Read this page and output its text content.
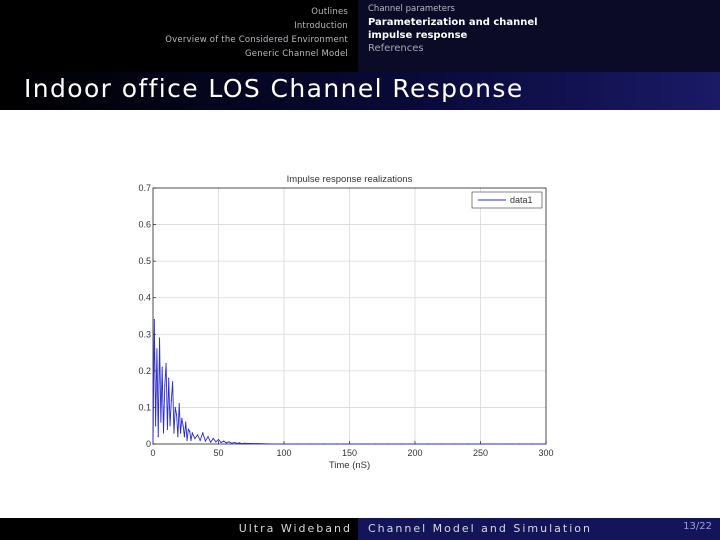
Outlines
Introduction
Overview of the Considered Environment
Generic Channel Model
Channel parameters
Parameterization and channel impulse response
References
Indoor office LOS Channel Response
0	50	100	150	200	250	300
0
0.1
0.2
0.3
0.4
0.5
0.6
0.7
Impulse response realizations
Time (nS)
data1
Ultra Wideband Channel Model and Simulation	13/22
